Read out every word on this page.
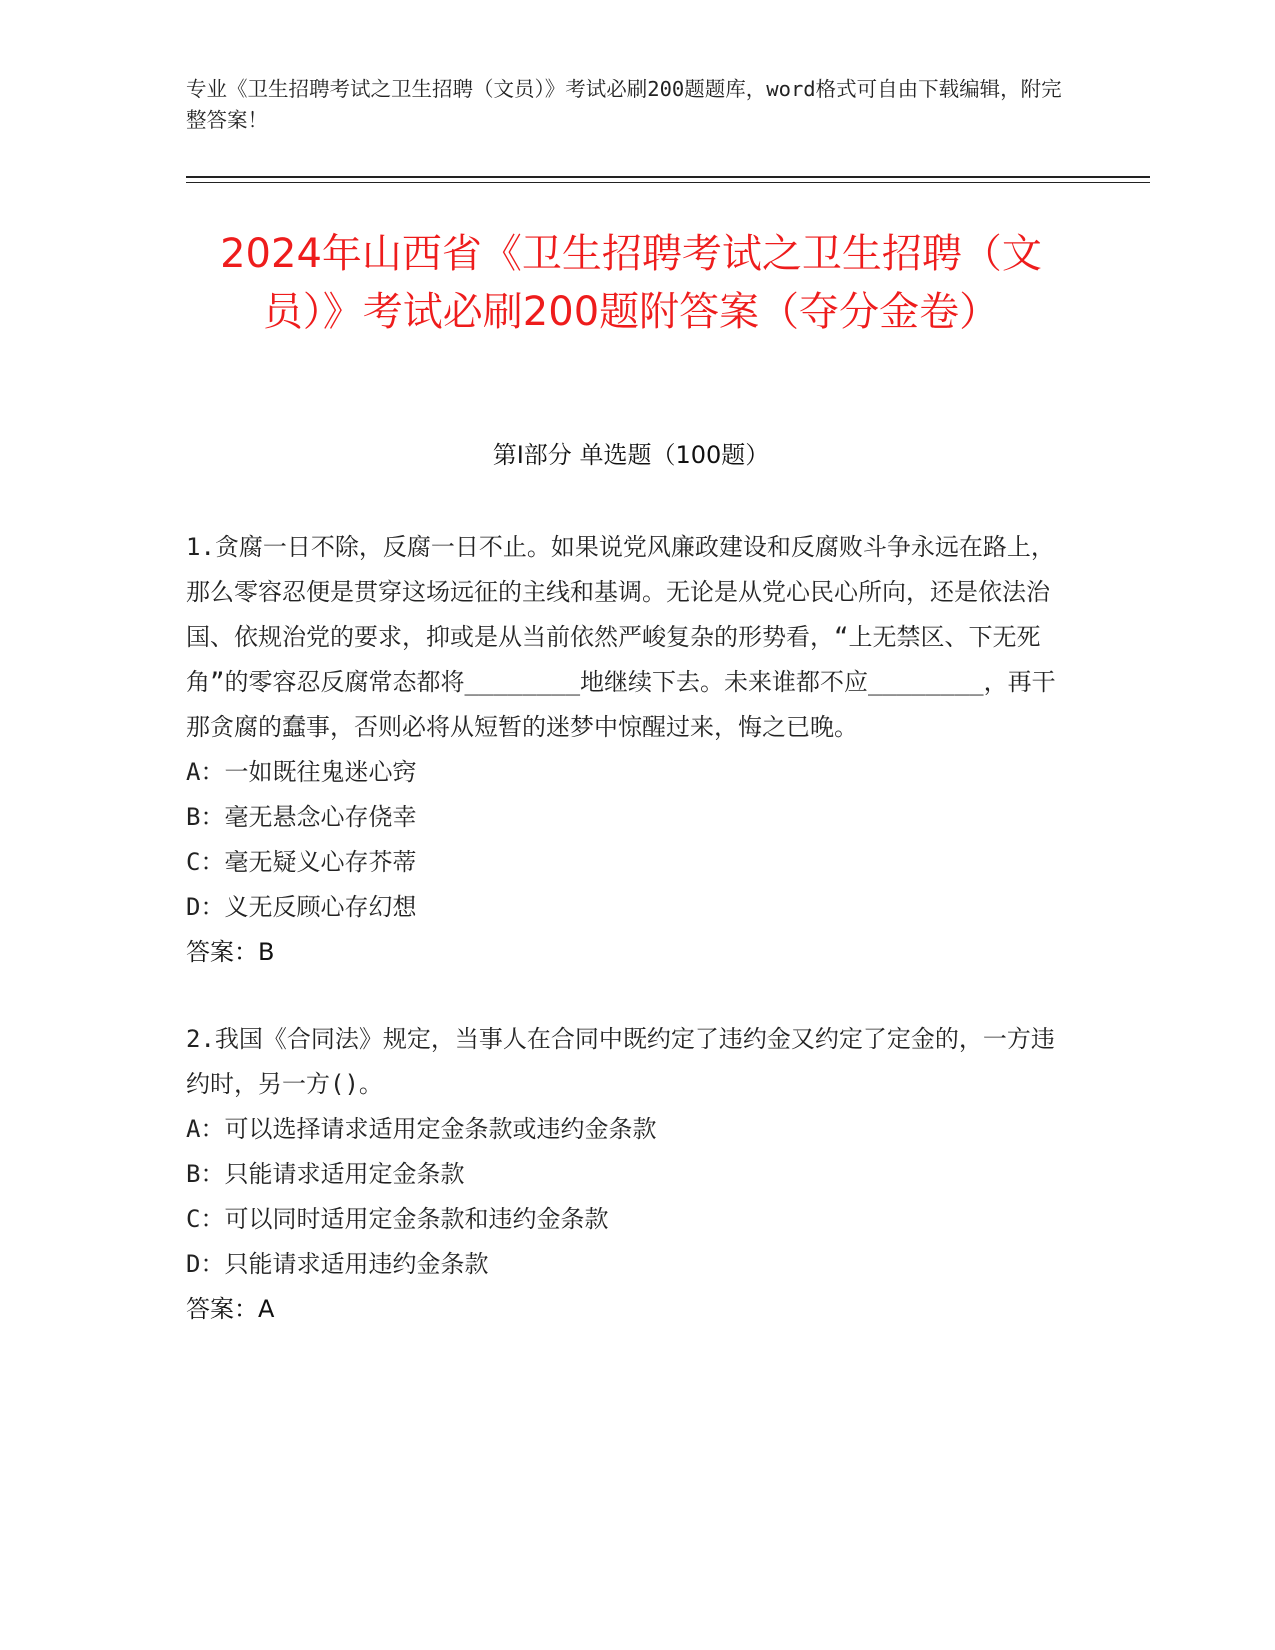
专业《卫生招聘考试之卫生招聘（文员）》考试必刷200题题库，word格式可自由下载编辑，附完整答案！
2024年山西省《卫生招聘考试之卫生招聘（文员）》考试必刷200题附答案（夺分金卷）
第I部分 单选题（100题）

1.贪腐一日不除，反腐一日不止。如果说党风廉政建设和反腐败斗争永远在路上，那么零容忍便是贯穿这场远征的主线和基调。无论是从党心民心所向，还是依法治国、依规治党的要求，抑或是从当前依然严峻复杂的形势看，“上无禁区、下无死角”的零容忍反腐常态都将________地继续下去。未来谁都不应________，再干那贪腐的蠢事，否则必将从短暂的迷梦中惊醒过来，悔之已晚。

A：一如既往鬼迷心窍

B：毫无悬念心存侥幸

C：毫无疑义心存芥蒂

D：义无反顾心存幻想

答案：B

2.我国《合同法》规定，当事人在合同中既约定了违约金又约定了定金的，一方违约时，另一方()。

A：可以选择请求适用定金条款或违约金条款

B：只能请求适用定金条款

C：可以同时适用定金条款和违约金条款

D：只能请求适用违约金条款

答案：A
